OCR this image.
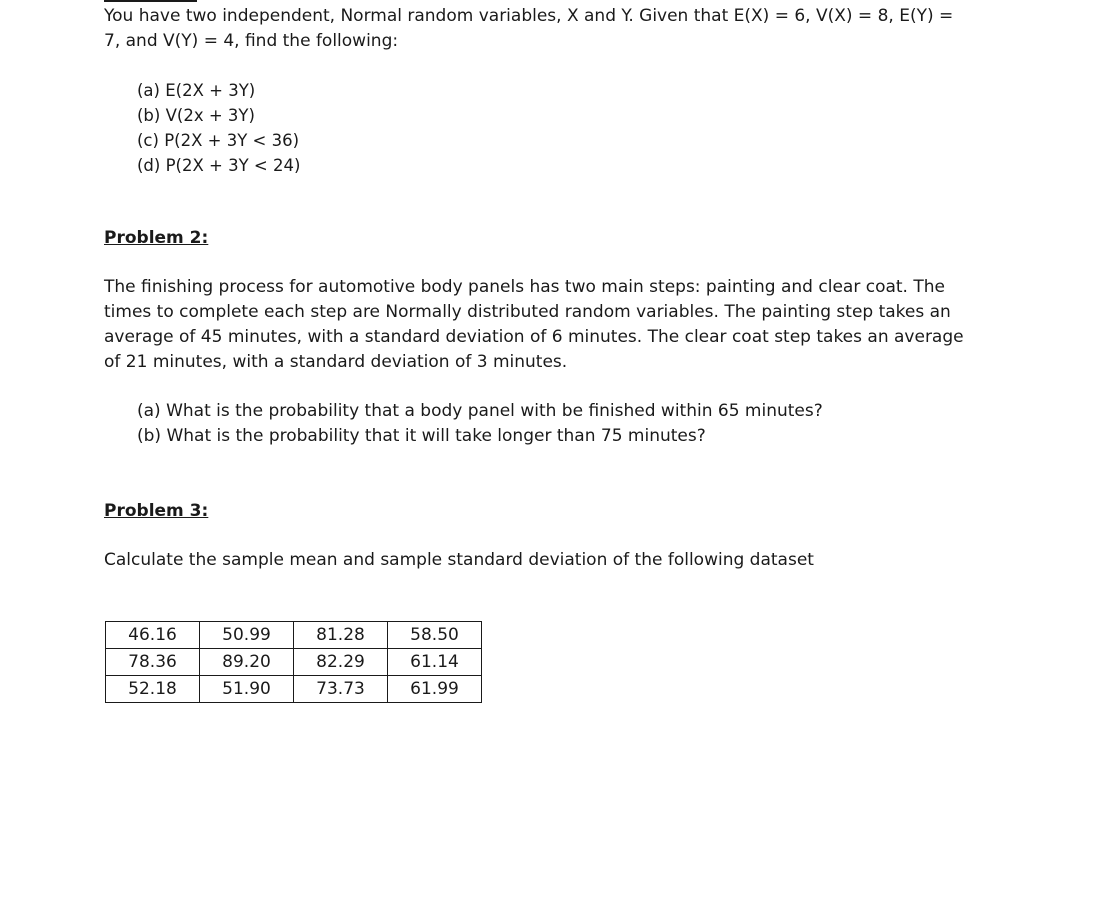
You have two independent, Normal random variables, X and Y. Given that E(X) = 6, V(X) = 8, E(Y) = 7, and V(Y) = 4, find the following:

(a) E(2X + 3Y)
(b) V(2x + 3Y)
(c) P(2X + 3Y < 36)
(d) P(2X + 3Y < 24)
Problem 2:

The finishing process for automotive body panels has two main steps: painting and clear coat. The times to complete each step are Normally distributed random variables. The painting step takes an average of 45 minutes, with a standard deviation of 6 minutes. The clear coat step takes an average of 21 minutes, with a standard deviation of 3 minutes.

(a) What is the probability that a body panel with be finished within 65 minutes?
(b) What is the probability that it will take longer than 75 minutes?
Problem 3:

Calculate the sample mean and sample standard deviation of the following dataset

46.16	50.99	81.28	58.50
78.36	89.20	82.29	61.14
52.18	51.90	73.73	61.99
